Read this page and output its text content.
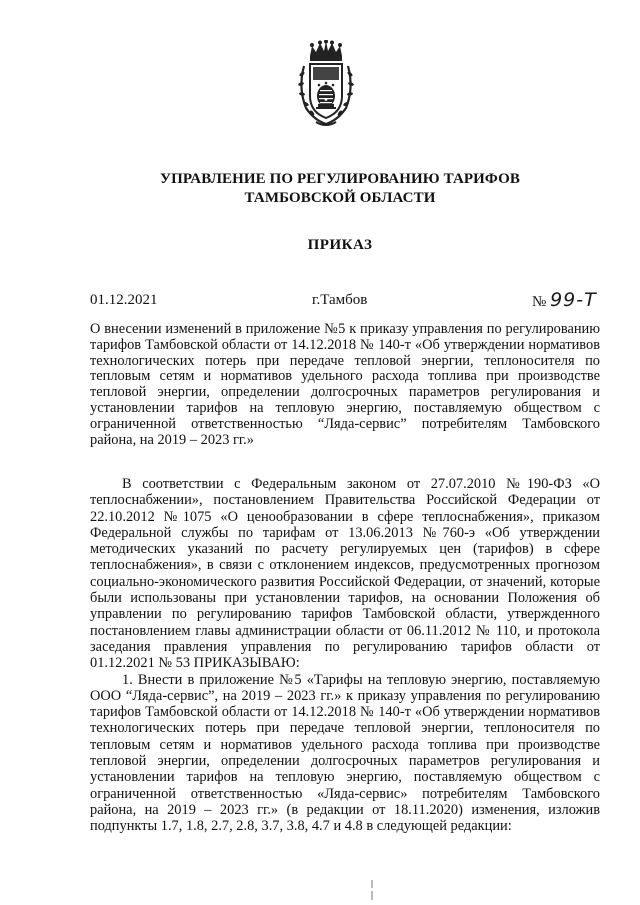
УПРАВЛЕНИЕ ПО РЕГУЛИРОВАНИЮ ТАРИФОВ
ТАМБОВСКОЙ ОБЛАСТИ
ПРИКАЗ
01.12.2021	г.Тамбов	№ 99-Т
О внесении изменений в приложение №5 к приказу управления по регулированию тарифов Тамбовской области от 14.12.2018 № 140-т «Об утверждении нормативов технологических потерь при передаче тепловой энергии, теплоносителя по тепловым сетям и нормативов удельного расхода топлива при производстве тепловой энергии, определении долгосрочных параметров регулирования и установлении тарифов на тепловую энергию, поставляемую обществом с ограниченной ответственностью “Ляда-сервис” потребителям Тамбовского района, на 2019 – 2023 гг.»

В соответствии с Федеральным законом от 27.07.2010 №190-ФЗ «О теплоснабжении», постановлением Правительства Российской Федерации от 22.10.2012 №1075 «О ценообразовании в сфере теплоснабжения», приказом Федеральной службы по тарифам от 13.06.2013 №760-э «Об утверждении методических указаний по расчету регулируемых цен (тарифов) в сфере теплоснабжения», в связи с отклонением индексов, предусмотренных прогнозом социально-экономического развития Российской Федерации, от значений, которые были использованы при установлении тарифов, на основании Положения об управлении по регулированию тарифов Тамбовской области, утвержденного постановлением главы администрации области от 06.11.2012 № 110, и протокола заседания правления управления по регулированию тарифов области от 01.12.2021 № 53 ПРИКАЗЫВАЮ:

1. Внести в приложение №5 «Тарифы на тепловую энергию, поставляемую ООО “Ляда-сервис”, на 2019 – 2023 гг.» к приказу управления по регулированию тарифов Тамбовской области от 14.12.2018 № 140-т «Об утверждении нормативов технологических потерь при передаче тепловой энергии, теплоносителя по тепловым сетям и нормативов удельного расхода топлива при производстве тепловой энергии, определении долгосрочных параметров регулирования и установлении тарифов на тепловую энергию, поставляемую обществом с ограниченной ответственностью «Ляда-сервис» потребителям Тамбовского района, на 2019 – 2023 гг.» (в редакции от 18.11.2020) изменения, изложив подпункты 1.7, 1.8, 2.7, 2.8, 3.7, 3.8, 4.7 и 4.8 в следующей редакции:
